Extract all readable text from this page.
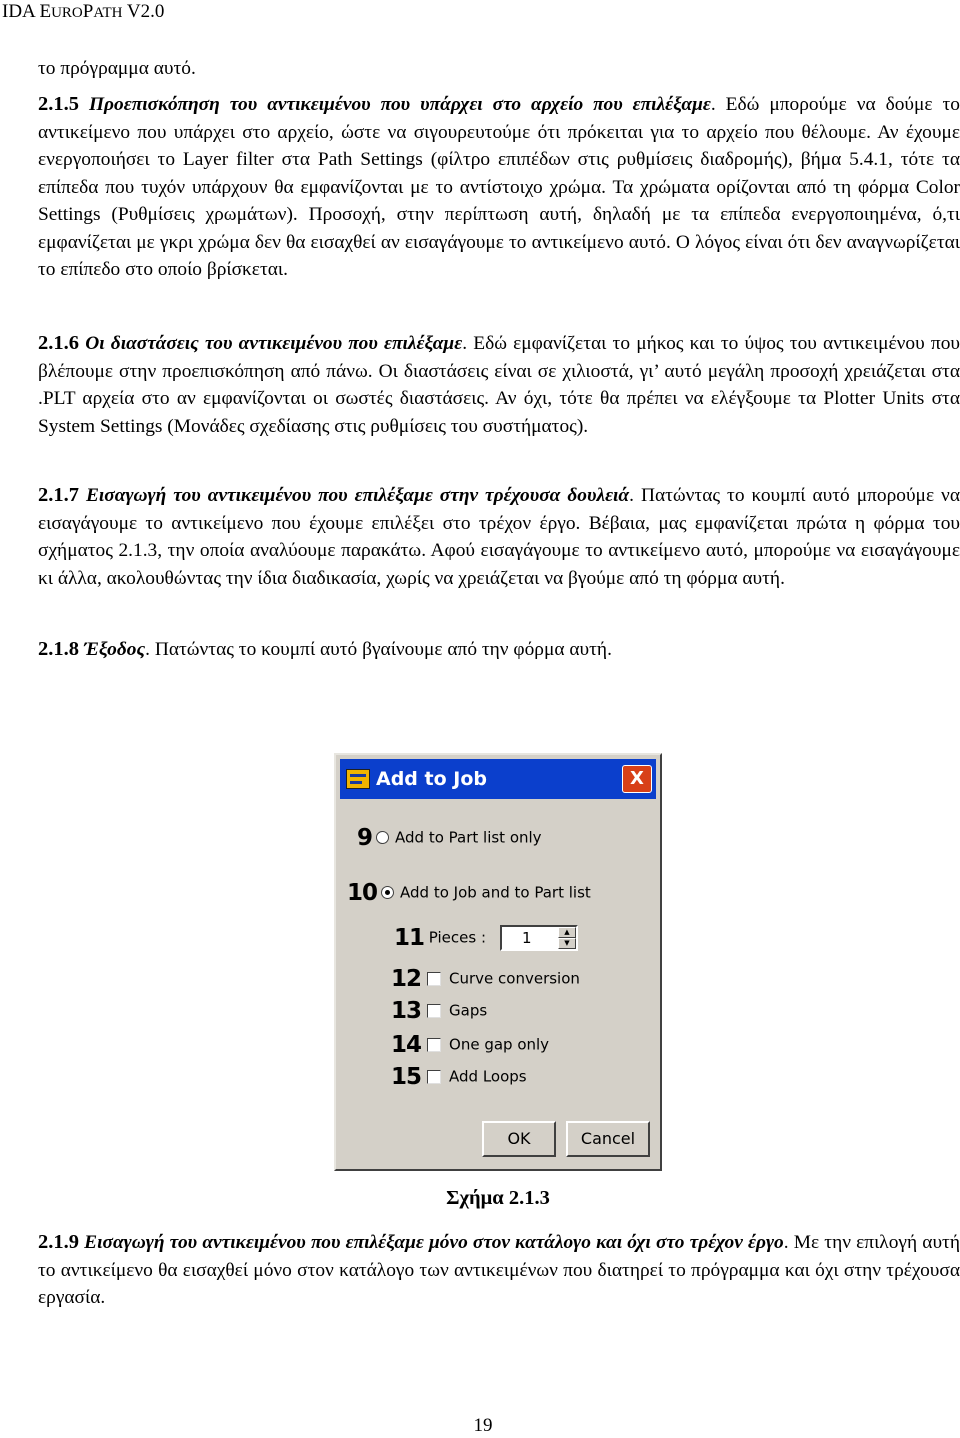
IDA EUROPATH V2.0
το πρόγραμμα αυτό.
2.1.5 Προεπισκόπηση του αντικειμένου που υπάρχει στο αρχείο που επιλέξαμε. Εδώ μπορούμε να δούμε το αντικείμενο που υπάρχει στο αρχείο, ώστε να σιγουρευτούμε ότι πρόκειται για το αρχείο που θέλουμε. Αν έχουμε ενεργοποιήσει το Layer filter στα Path Settings (φίλτρο επιπέδων στις ρυθμίσεις διαδρομής), βήμα 5.4.1, τότε τα επίπεδα που τυχόν υπάρχουν θα εμφανίζονται με το αντίστοιχο χρώμα. Τα χρώματα ορίζονται από τη φόρμα Color Settings (Ρυθμίσεις χρωμάτων). Προσοχή, στην περίπτωση αυτή, δηλαδή με τα επίπεδα ενεργοποιημένα, ό,τι εμφανίζεται με γκρι χρώμα δεν θα εισαχθεί αν εισαγάγουμε το αντικείμενο αυτό. Ο λόγος είναι ότι δεν αναγνωρίζεται το επίπεδο στο οποίο βρίσκεται.
2.1.6 Οι διαστάσεις του αντικειμένου που επιλέξαμε. Εδώ εμφανίζεται το μήκος και το ύψος του αντικειμένου που βλέπουμε στην προεπισκόπηση από πάνω. Οι διαστάσεις είναι σε χιλιοστά, γι’ αυτό μεγάλη προσοχή χρειάζεται στα .PLT αρχεία στο αν εμφανίζονται οι σωστές διαστάσεις. Αν όχι, τότε θα πρέπει να ελέγξουμε τα Plotter Units στα System Settings (Μονάδες σχεδίασης στις ρυθμίσεις του συστήματος).
2.1.7 Εισαγωγή του αντικειμένου που επιλέξαμε στην τρέχουσα δουλειά. Πατώντας το κουμπί αυτό μπορούμε να εισαγάγουμε το αντικείμενο που έχουμε επιλέξει στο τρέχον έργο. Βέβαια, μας εμφανίζεται πρώτα η φόρμα του σχήματος 2.1.3, την οποία αναλύουμε παρακάτω. Αφού εισαγάγουμε το αντικείμενο αυτό, μπορούμε να εισαγάγουμε κι άλλα, ακολουθώντας την ίδια διαδικασία, χωρίς να χρειάζεται να βγούμε από τη φόρμα αυτή.
2.1.8 Έξοδος. Πατώντας το κουμπί αυτό βγαίνουμε από την φόρμα αυτή.
Add to Job	X
9 Add to Part list only
10 Add to Job and to Part list
11 Pieces : 1	▲
▼
12 Curve conversion
13 Gaps
14 One gap only
15 Add Loops
OK	Cancel
Σχήμα 2.1.3
2.1.9 Εισαγωγή του αντικειμένου που επιλέξαμε μόνο στον κατάλογο και όχι στο τρέχον έργο. Με την επιλογή αυτή το αντικείμενο θα εισαχθεί μόνο στον κατάλογο των αντικειμένων που διατηρεί το πρόγραμμα και όχι στην τρέχουσα εργασία.
19
